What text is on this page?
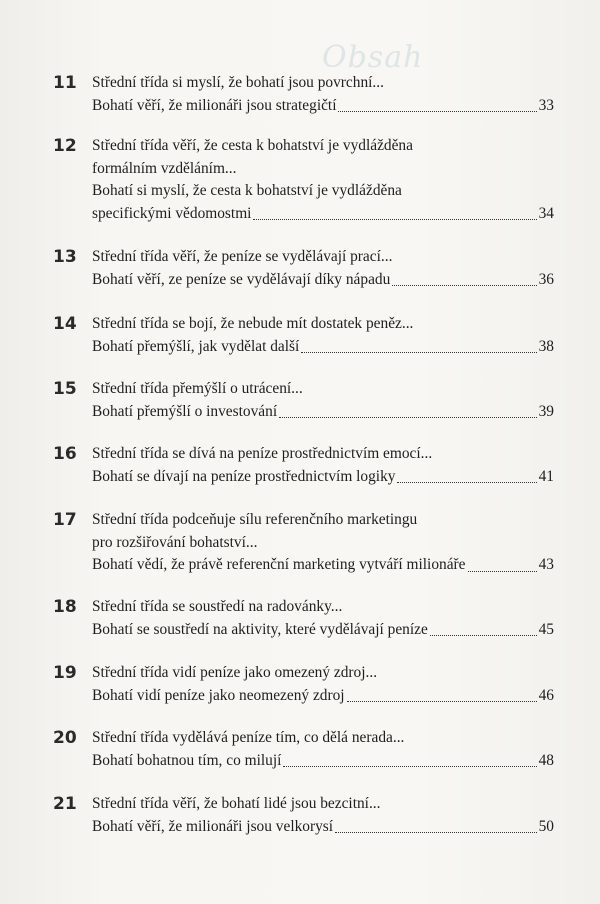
Obsah
11 Střední třída si myslí, že bohatí jsou povrchní...
Bohatí věří, že milionáři jsou strategičtí	33
12 Střední třída věří, že cesta k bohatství je vydlážděna
formálním vzděláním...
Bohatí si myslí, že cesta k bohatství je vydlážděna
specifickými vědomostmi	34
13 Střední třída věří, že peníze se vydělávají prací...
Bohatí věří, ze peníze se vydělávají díky nápadu	36
14 Střední třída se bojí, že nebude mít dostatek peněz...
Bohatí přemýšlí, jak vydělat další	38
15 Střední třída přemýšlí o utrácení...
Bohatí přemýšlí o investování	39
16 Střední třída se dívá na peníze prostřednictvím emocí...
Bohatí se dívají na peníze prostřednictvím logiky	41
17 Střední třída podceňuje sílu referenčního marketingu
pro rozšiřování bohatství...
Bohatí vědí, že právě referenční marketing vytváří milionáře	43
18 Střední třída se soustředí na radovánky...
Bohatí se soustředí na aktivity, které vydělávají peníze	45
19 Střední třída vidí peníze jako omezený zdroj...
Bohatí vidí peníze jako neomezený zdroj	46
20 Střední třída vydělává peníze tím, co dělá nerada...
Bohatí bohatnou tím, co milují	48
21 Střední třída věří, že bohatí lidé jsou bezcitní...
Bohatí věří, že milionáři jsou velkorysí	50
